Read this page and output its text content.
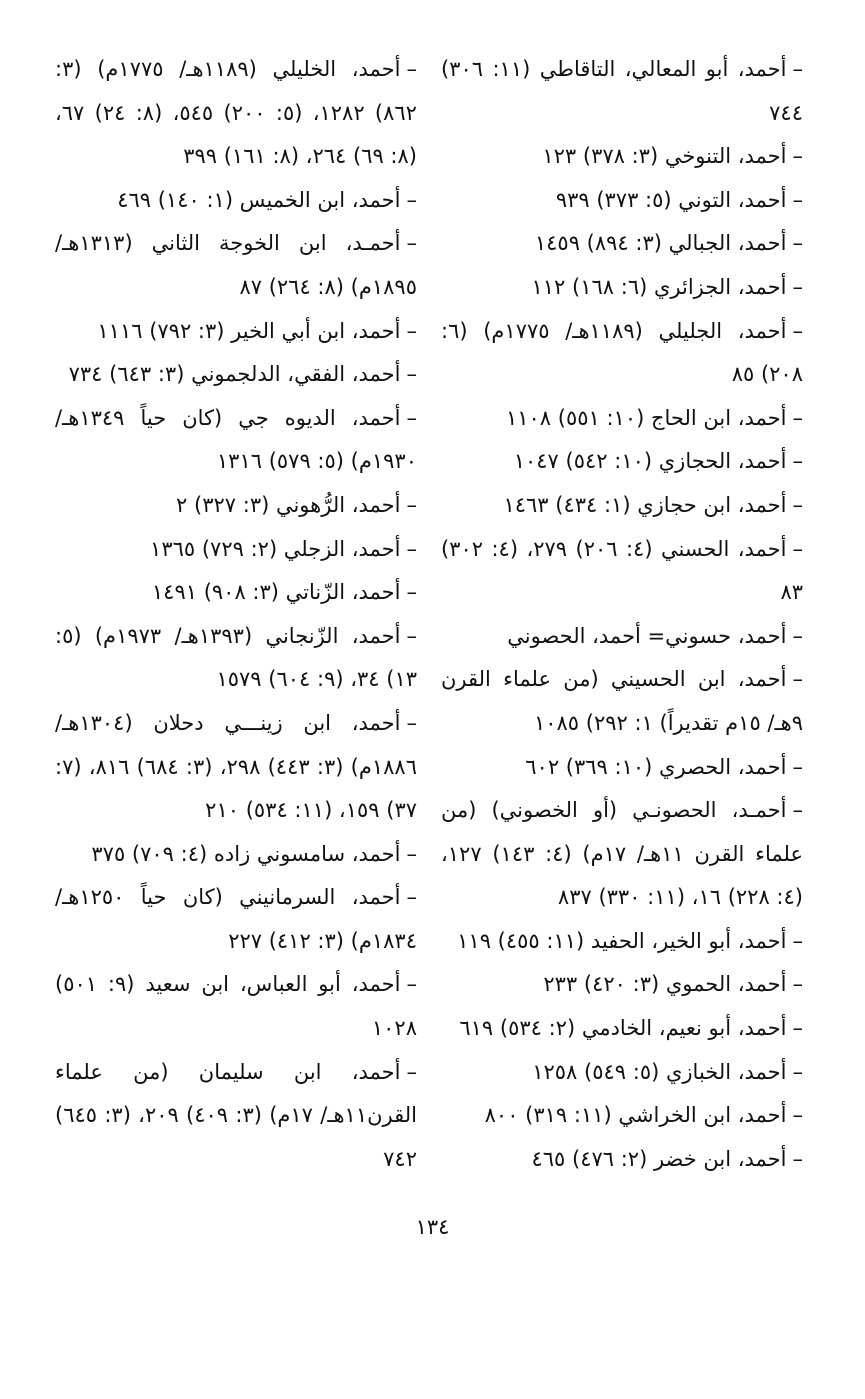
–أحمد، أبو المعالي، التاقاطي (١١: ٣٠٦) ٧٤٤

–أحمد، التنوخي (٣: ٣٧٨) ١٢٣

–أحمد، التوني (٥: ٣٧٣) ٩٣٩

–أحمد، الجبالي (٣: ٨٩٤) ١٤٥٩

–أحمد، الجزائري (٦: ١٦٨) ١١٢

–أحمد، الجليلي (١١٨٩هـ/ ١٧٧٥م) (٦: ٢٠٨) ٨٥

–أحمد، ابن الحاج (١٠: ٥٥١) ١١٠٨

–أحمد، الحجازي (١٠: ٥٤٢) ١٠٤٧

–أحمد، ابن حجازي (١: ٤٣٤) ١٤٦٣

–أحمد، الحسني (٤: ٢٠٦) ٢٧٩، (٤: ٣٠٢) ٨٣

–أحمد، حسوني= أحمد، الحصوني

–أحمد، ابن الحسيني (من علماء القرن ٩هـ/ ١٥م تقديراً) ١: ٢٩٢) ١٠٨٥

–أحمد، الحصري (١٠: ٣٦٩) ٦٠٢

–أحمـد، الحصونـي (أو الخصوني) (من علماء القرن ١١هـ/ ١٧م) (٤: ١٤٣) ١٢٧، (٤: ٢٢٨) ١٦، (١١: ٣٣٠) ٨٣٧

–أحمد، أبو الخير، الحفيد (١١: ٤٥٥) ١١٩

–أحمد، الحموي (٣: ٤٢٠) ٢٣٣

–أحمد، أبو نعيم، الخادمي (٢: ٥٣٤) ٦١٩

–أحمد، الخبازي (٥: ٥٤٩) ١٢٥٨

–أحمد، ابن الخراشي (١١: ٣١٩) ٨٠٠

–أحمد، ابن خضر (٢: ٤٧٦) ٤٦٥

–أحمد، الخليلي (١١٨٩هـ/ ١٧٧٥م) (٣: ٨٦٢) ١٢٨٢، (٥: ٢٠٠) ٥٤٥، (٨: ٢٤) ٦٧، (٨: ٦٩) ٢٦٤، (٨: ١٦١) ٣٩٩

–أحمد، ابن الخميس (١: ١٤٠) ٤٦٩

–أحمـد، ابن الخوجة الثاني (١٣١٣هـ/ ١٨٩٥م) (٨: ٢٦٤) ٨٧

–أحمد، ابن أبي الخير (٣: ٧٩٢) ١١١٦

–أحمد، الفقي، الدلجموني (٣: ٦٤٣) ٧٣٤

–أحمد، الديوه جي (كان حياً ١٣٤٩هـ/ ١٩٣٠م) (٥: ٥٧٩) ١٣١٦

–أحمد، الرُّهوني (٣: ٣٢٧) ٢

–أحمد، الزجلي (٢: ٧٢٩) ١٣٦٥

–أحمد، الزّناتي (٣: ٩٠٨) ١٤٩١

–أحمد، الزّنجاني (١٣٩٣هـ/ ١٩٧٣م) (٥: ١٣) ٣٤، (٩: ٦٠٤) ١٥٧٩

–أحمد، ابن زينـــي دحلان (١٣٠٤هـ/ ١٨٨٦م) (٣: ٤٤٣) ٢٩٨، (٣: ٦٨٤) ٨١٦، (٧: ٣٧) ١٥٩، (١١: ٥٣٤) ٢١٠

–أحمد، سامسوني زاده (٤: ٧٠٩) ٣٧٥

–أحمد، السرمانيني (كان حياً ١٢٥٠هـ/ ١٨٣٤م) (٣: ٤١٢) ٢٢٧

–أحمد، أبو العباس، ابن سعيد (٩: ٥٠١) ١٠٢٨

–أحمد، ابن سليمان (من علماء القرن١١هـ/ ١٧م) (٣: ٤٠٩) ٢٠٩، (٣: ٦٤٥) ٧٤٢

١٣٤
